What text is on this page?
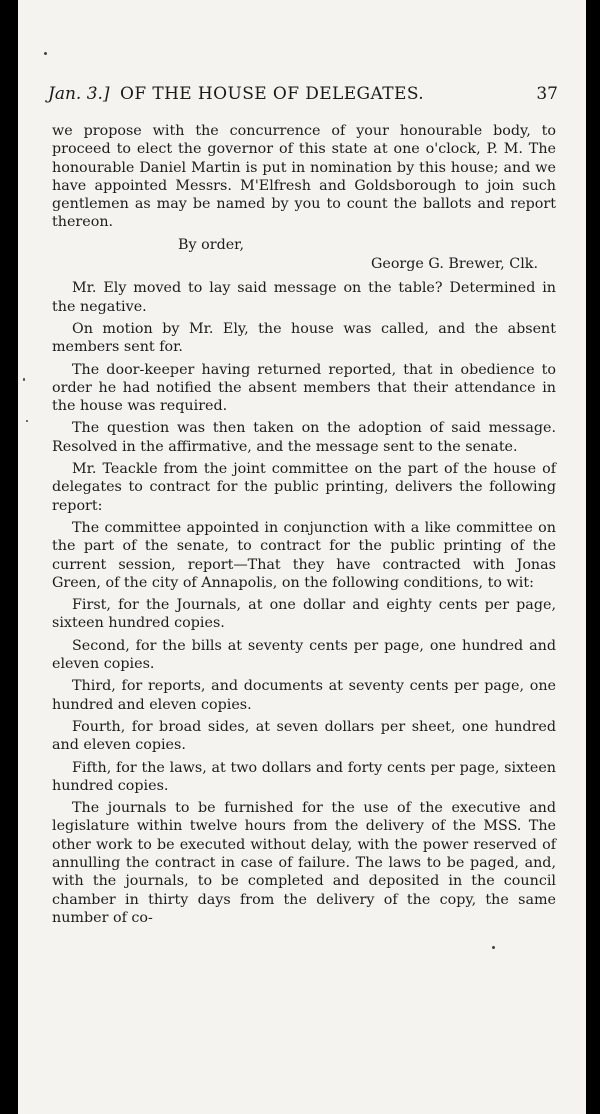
Jan. 3.] OF THE HOUSE OF DELEGATES.	37

we propose with the concurrence of your honourable body, to proceed to elect the governor of this state at one o'clock, P. M. The honourable Daniel Martin is put in nomination by this house; and we have appointed Messrs. M'Elfresh and Goldsborough to join such gentlemen as may be named by you to count the ballots and report thereon.

By order,

George G. Brewer, Clk.

Mr. Ely moved to lay said message on the table? Determined in the negative.

On motion by Mr. Ely, the house was called, and the absent members sent for.

The door-keeper having returned reported, that in obedience to order he had notified the absent members that their attendance in the house was required.

The question was then taken on the adoption of said message. Resolved in the affirmative, and the message sent to the senate.

Mr. Teackle from the joint committee on the part of the house of delegates to contract for the public printing, delivers the following report:

The committee appointed in conjunction with a like committee on the part of the senate, to contract for the public printing of the current session, report—That they have contracted with Jonas Green, of the city of Annapolis, on the following conditions, to wit:

First, for the Journals, at one dollar and eighty cents per page, sixteen hundred copies.

Second, for the bills at seventy cents per page, one hundred and eleven copies.

Third, for reports, and documents at seventy cents per page, one hundred and eleven copies.

Fourth, for broad sides, at seven dollars per sheet, one hundred and eleven copies.

Fifth, for the laws, at two dollars and forty cents per page, sixteen hundred copies.

The journals to be furnished for the use of the executive and legislature within twelve hours from the delivery of the MSS. The other work to be executed without delay, with the power reserved of annulling the contract in case of failure. The laws to be paged, and, with the journals, to be completed and deposited in the council chamber in thirty days from the delivery of the copy, the same number of co-
